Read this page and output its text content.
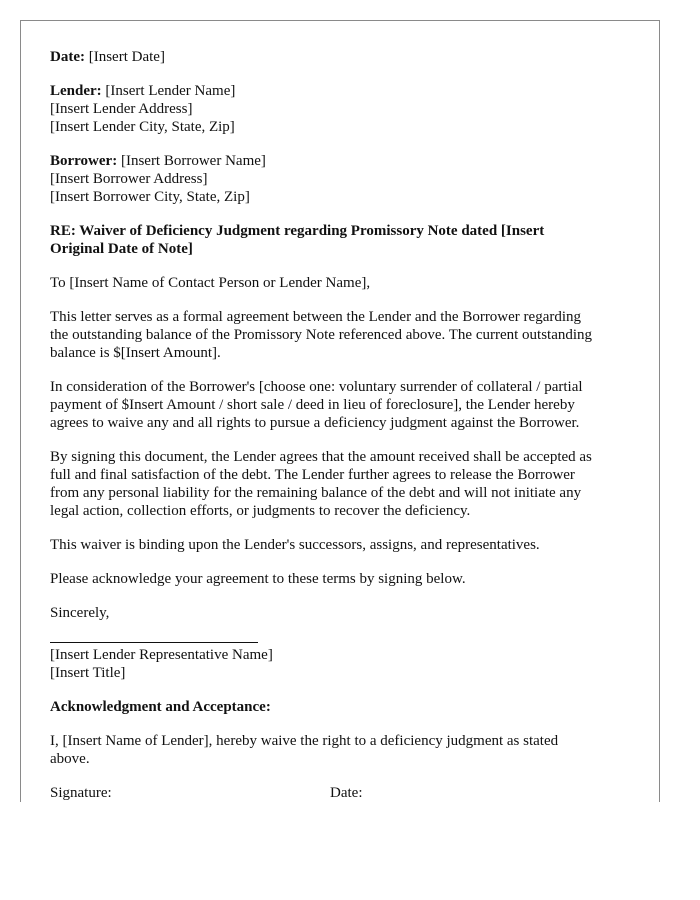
Date: [Insert Date]
Lender: [Insert Lender Name]
[Insert Lender Address]
[Insert Lender City, State, Zip]
Borrower: [Insert Borrower Name]
[Insert Borrower Address]
[Insert Borrower City, State, Zip]
RE: Waiver of Deficiency Judgment regarding Promissory Note dated [Insert
Original Date of Note]
To [Insert Name of Contact Person or Lender Name],
This letter serves as a formal agreement between the Lender and the Borrower regarding
the outstanding balance of the Promissory Note referenced above. The current outstanding
balance is $[Insert Amount].
In consideration of the Borrower's [choose one: voluntary surrender of collateral / partial
payment of $Insert Amount / short sale / deed in lieu of foreclosure], the Lender hereby
agrees to waive any and all rights to pursue a deficiency judgment against the Borrower.
By signing this document, the Lender agrees that the amount received shall be accepted as
full and final satisfaction of the debt. The Lender further agrees to release the Borrower
from any personal liability for the remaining balance of the debt and will not initiate any
legal action, collection efforts, or judgments to recover the deficiency.
This waiver is binding upon the Lender's successors, assigns, and representatives.
Please acknowledge your agreement to these terms by signing below.
Sincerely,
[Insert Lender Representative Name]
[Insert Title]
Acknowledgment and Acceptance:
I, [Insert Name of Lender], hereby waive the right to a deficiency judgment as stated
above.
Signature:	Date:
